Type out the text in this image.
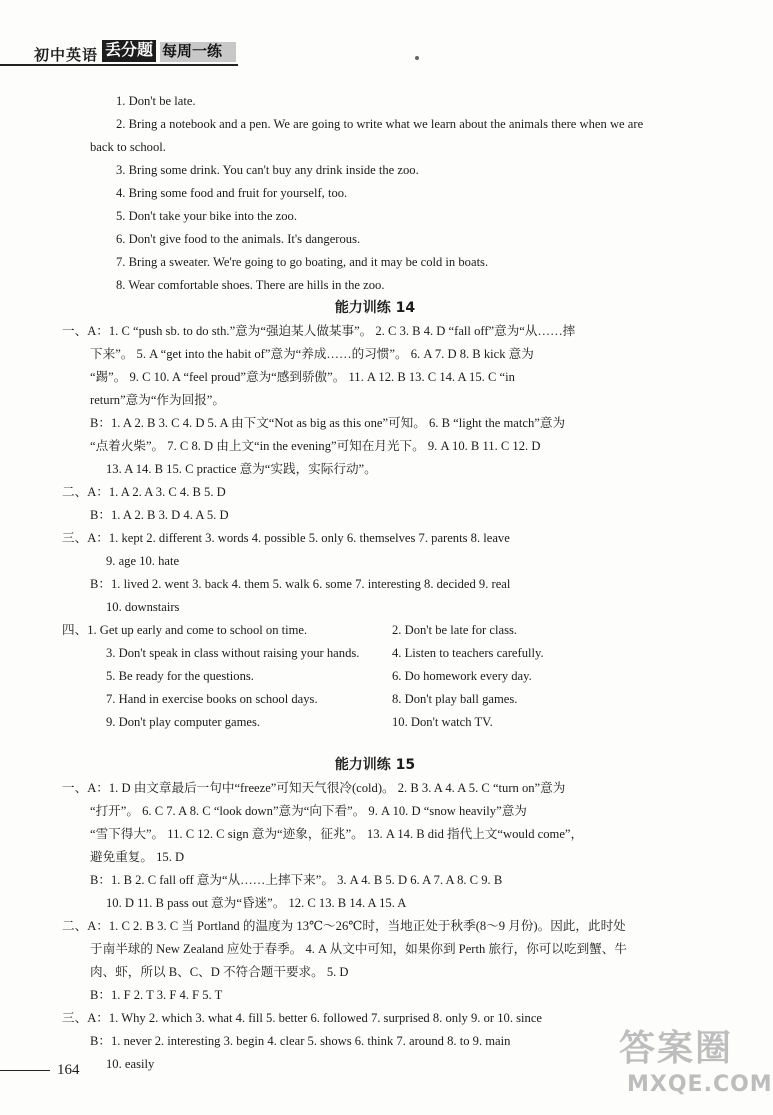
初中英语 丢分题 每周一练
1. Don't be late.
2. Bring a notebook and a pen. We are going to write what we learn about the animals there when we are
back to school.
3. Bring some drink. You can't buy any drink inside the zoo.
4. Bring some food and fruit for yourself, too.
5. Don't take your bike into the zoo.
6. Don't give food to the animals. It's dangerous.
7. Bring a sweater. We're going to go boating, and it may be cold in boats.
8. Wear comfortable shoes. There are hills in the zoo.
一、A：1. C “push sb. to do sth.”意为“强迫某人做某事”。 2. C 3. B 4. D “fall off”意为“从……摔
下来”。 5. A “get into the habit of”意为“养成……的习惯”。 6. A 7. D 8. B kick 意为
“踢”。 9. C 10. A “feel proud”意为“感到骄傲”。 11. A 12. B 13. C 14. A 15. C “in
return”意为“作为回报”。
B：1. A 2. B 3. C 4. D 5. A 由下文“Not as big as this one”可知。 6. B “light the match”意为
“点着火柴”。 7. C 8. D 由上文“in the evening”可知在月光下。 9. A 10. B 11. C 12. D
13. A 14. B 15. C practice 意为“实践，实际行动”。
二、A：1. A 2. A 3. C 4. B 5. D
B：1. A 2. B 3. D 4. A 5. D
三、A：1. kept 2. different 3. words 4. possible 5. only 6. themselves 7. parents 8. leave
9. age 10. hate
B：1. lived 2. went 3. back 4. them 5. walk 6. some 7. interesting 8. decided 9. real
10. downstairs
四、1. Get up early and come to school on time.	2. Don't be late for class.
3. Don't speak in class without raising your hands.	4. Listen to teachers carefully.
5. Be ready for the questions.	6. Do homework every day.
7. Hand in exercise books on school days.	8. Don't play ball games.
9. Don't play computer games.	10. Don't watch TV.
一、A：1. D 由文章最后一句中“freeze”可知天气很冷(cold)。 2. B 3. A 4. A 5. C “turn on”意为
“打开”。 6. C 7. A 8. C “look down”意为“向下看”。 9. A 10. D “snow heavily”意为
“雪下得大”。 11. C 12. C sign 意为“迹象，征兆”。 13. A 14. B did 指代上文“would come”，
避免重复。 15. D
B：1. B 2. C fall off 意为“从……上摔下来”。 3. A 4. B 5. D 6. A 7. A 8. C 9. B
10. D 11. B pass out 意为“昏迷”。 12. C 13. B 14. A 15. A
二、A：1. C 2. B 3. C 当 Portland 的温度为 13℃～26℃时，当地正处于秋季(8～9 月份)。因此，此时处
于南半球的 New Zealand 应处于春季。 4. A 从文中可知，如果你到 Perth 旅行，你可以吃到蟹、牛
肉、虾，所以 B、C、D 不符合题干要求。 5. D
B：1. F 2. T 3. F 4. F 5. T
三、A：1. Why 2. which 3. what 4. fill 5. better 6. followed 7. surprised 8. only 9. or 10. since
B：1. never 2. interesting 3. begin 4. clear 5. shows 6. think 7. around 8. to 9. main
10. easily
能力训练 14
能力训练 15
164
答案圈
MXQE.COM
